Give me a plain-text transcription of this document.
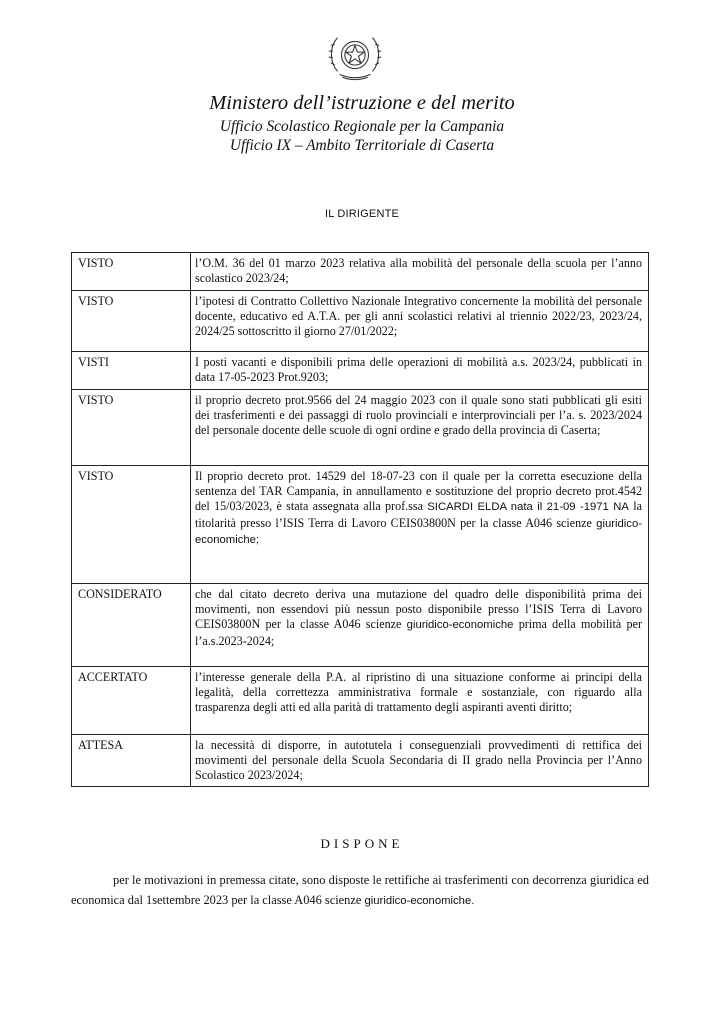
Ministero dell’istruzione e del merito
Ufficio Scolastico Regionale per la Campania
Ufficio IX – Ambito Territoriale di Caserta
IL DIRIGENTE
VISTO	l’O.M. 36 del 01 marzo 2023 relativa alla mobilità del personale della scuola per l’anno scolastico 2023/24;
VISTO	l’ipotesi di Contratto Collettivo Nazionale Integrativo concernente la mobilità del personale docente, educativo ed A.T.A. per gli anni scolastici relativi al triennio 2022/23, 2023/24, 2024/25 sottoscritto il giorno 27/01/2022;
VISTI	I posti vacanti e disponibili prima delle operazioni di mobilità a.s. 2023/24, pubblicati in data 17-05-2023 Prot.9203;
VISTO	il proprio decreto prot.9566 del 24 maggio 2023 con il quale sono stati pubblicati gli esiti dei trasferimenti e dei passaggi di ruolo provinciali e interprovinciali per l’a. s. 2023/2024 del personale docente delle scuole di ogni ordine e grado della provincia di Caserta;
VISTO	Il proprio decreto prot. 14529 del 18-07-23 con il quale per la corretta esecuzione della sentenza del TAR Campania, in annullamento e sostituzione del proprio decreto prot.4542 del 15/03/2023, è stata assegnata alla prof.ssa SICARDI ELDA nata il 21-09 -1971 NA la titolarità presso l’ISIS Terra di Lavoro CEIS03800N per la classe A046 scienze giuridico-economiche;
CONSIDERATO	che dal citato decreto deriva una mutazione del quadro delle disponibilità prima dei movimenti, non essendovi più nessun posto disponibile presso l’ISIS Terra di Lavoro CEIS03800N per la classe A046 scienze giuridico-economiche prima della mobilità per l’a.s.2023-2024;
ACCERTATO	l’interesse generale della P.A. al ripristino di una situazione conforme ai principi della legalità, della correttezza amministrativa formale e sostanziale, con riguardo alla trasparenza degli atti ed alla parità di trattamento degli aspiranti aventi diritto;
ATTESA	la necessità di disporre, in autotutela i conseguenziali provvedimenti di rettifica dei movimenti del personale della Scuola Secondaria di II grado nella Provincia per l’Anno Scolastico 2023/2024;
DISPONE
per le motivazioni in premessa citate, sono disposte le rettifiche ai trasferimenti con decorrenza giuridica ed economica dal 1settembre 2023 per la classe A046 scienze giuridico-economiche.
